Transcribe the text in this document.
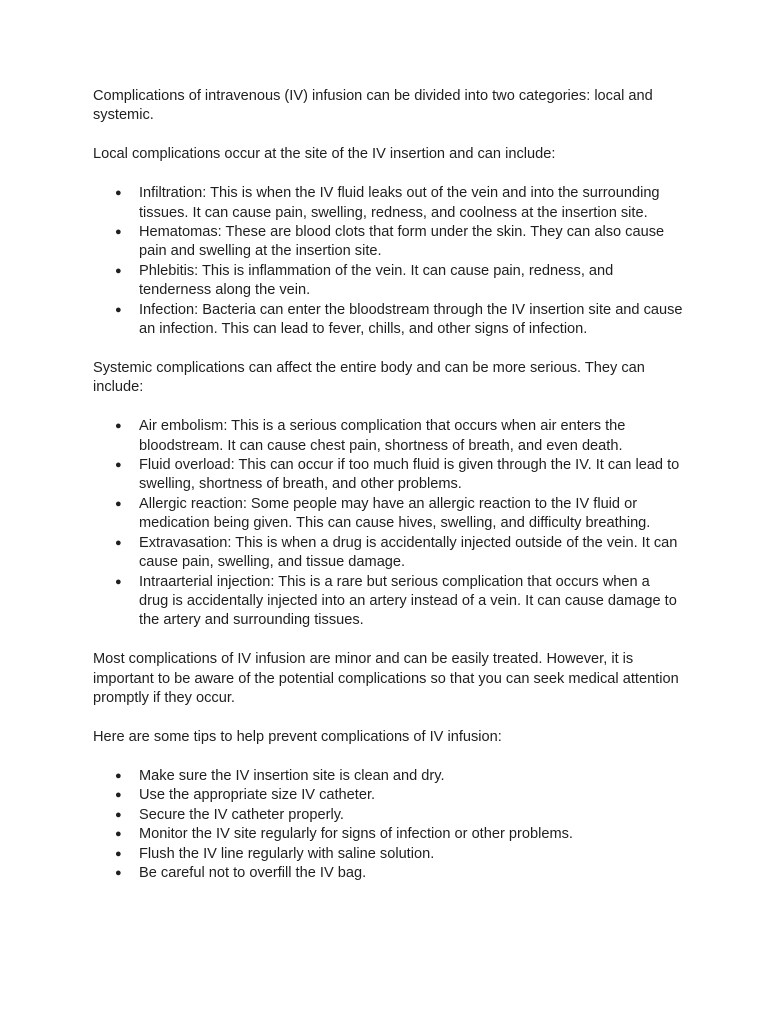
Complications of intravenous (IV) infusion can be divided into two categories: local and systemic.

Local complications occur at the site of the IV insertion and can include:

● Infiltration: This is when the IV fluid leaks out of the vein and into the surrounding tissues. It can cause pain, swelling, redness, and coolness at the insertion site.
● Hematomas: These are blood clots that form under the skin. They can also cause pain and swelling at the insertion site.
● Phlebitis: This is inflammation of the vein. It can cause pain, redness, and tenderness along the vein.
● Infection: Bacteria can enter the bloodstream through the IV insertion site and cause an infection. This can lead to fever, chills, and other signs of infection.

Systemic complications can affect the entire body and can be more serious. They can include:

● Air embolism: This is a serious complication that occurs when air enters the bloodstream. It can cause chest pain, shortness of breath, and even death.
● Fluid overload: This can occur if too much fluid is given through the IV. It can lead to swelling, shortness of breath, and other problems.
● Allergic reaction: Some people may have an allergic reaction to the IV fluid or medication being given. This can cause hives, swelling, and difficulty breathing.
● Extravasation: This is when a drug is accidentally injected outside of the vein. It can cause pain, swelling, and tissue damage.
● Intraarterial injection: This is a rare but serious complication that occurs when a drug is accidentally injected into an artery instead of a vein. It can cause damage to the artery and surrounding tissues.

Most complications of IV infusion are minor and can be easily treated. However, it is important to be aware of the potential complications so that you can seek medical attention promptly if they occur.

Here are some tips to help prevent complications of IV infusion:

● Make sure the IV insertion site is clean and dry.
● Use the appropriate size IV catheter.
● Secure the IV catheter properly.
● Monitor the IV site regularly for signs of infection or other problems.
● Flush the IV line regularly with saline solution.
● Be careful not to overfill the IV bag.
